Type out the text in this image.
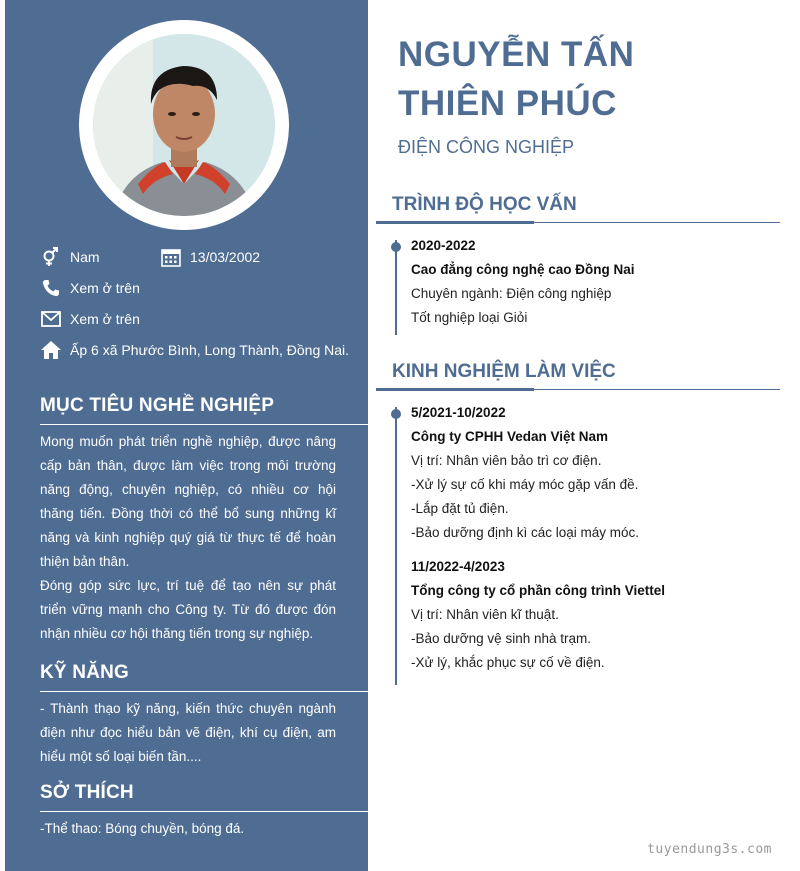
Nam	13/03/2002
Xem ở trên
Xem ở trên
Ấp 6 xã Phước Bình, Long Thành, Đồng Nai.
MỤC TIÊU NGHỀ NGHIỆP

Mong muốn phát triển nghề nghiệp, được nâng cấp bản thân, được làm việc trong môi trường năng động, chuyên nghiệp, có nhiều cơ hội thăng tiến. Đồng thời có thể bổ sung những kĩ năng và kinh nghiệp quý giá từ thực tế để hoàn thiện bản thân.

Đóng góp sức lực, trí tuệ để tạo nên sự phát triển vững mạnh cho Công ty. Từ đó được đón nhận nhiều cơ hội thăng tiến trong sự nghiệp.

KỸ NĂNG
- Thành thạo kỹ năng, kiến thức chuyên ngành điện như đọc hiểu bản vẽ điện, khí cụ điện, am hiểu một số loại biến tần....
SỞ THÍCH
-Thể thao: Bóng chuyền, bóng đá.
NGUYỄN TẤN
THIÊN PHÚC
ĐIỆN CÔNG NGHIỆP
TRÌNH ĐỘ HỌC VẤN
2020-2022
Cao đẳng công nghệ cao Đồng Nai
Chuyên ngành: Điện công nghiệp
Tốt nghiệp loại Giỏi
KINH NGHIỆM LÀM VIỆC
5/2021-10/2022
Công ty CPHH Vedan Việt Nam
Vị trí: Nhân viên bảo trì cơ điện.
-Xử lý sự cố khi máy móc gặp vấn đề.
-Lắp đặt tủ điện.
-Bảo dưỡng định kì các loại máy móc.
11/2022-4/2023
Tổng công ty cổ phần công trình Viettel
Vị trí: Nhân viên kĩ thuật.
-Bảo dưỡng vệ sinh nhà trạm.
-Xử lý, khắc phục sự cố về điện.
tuyendung3s.com
